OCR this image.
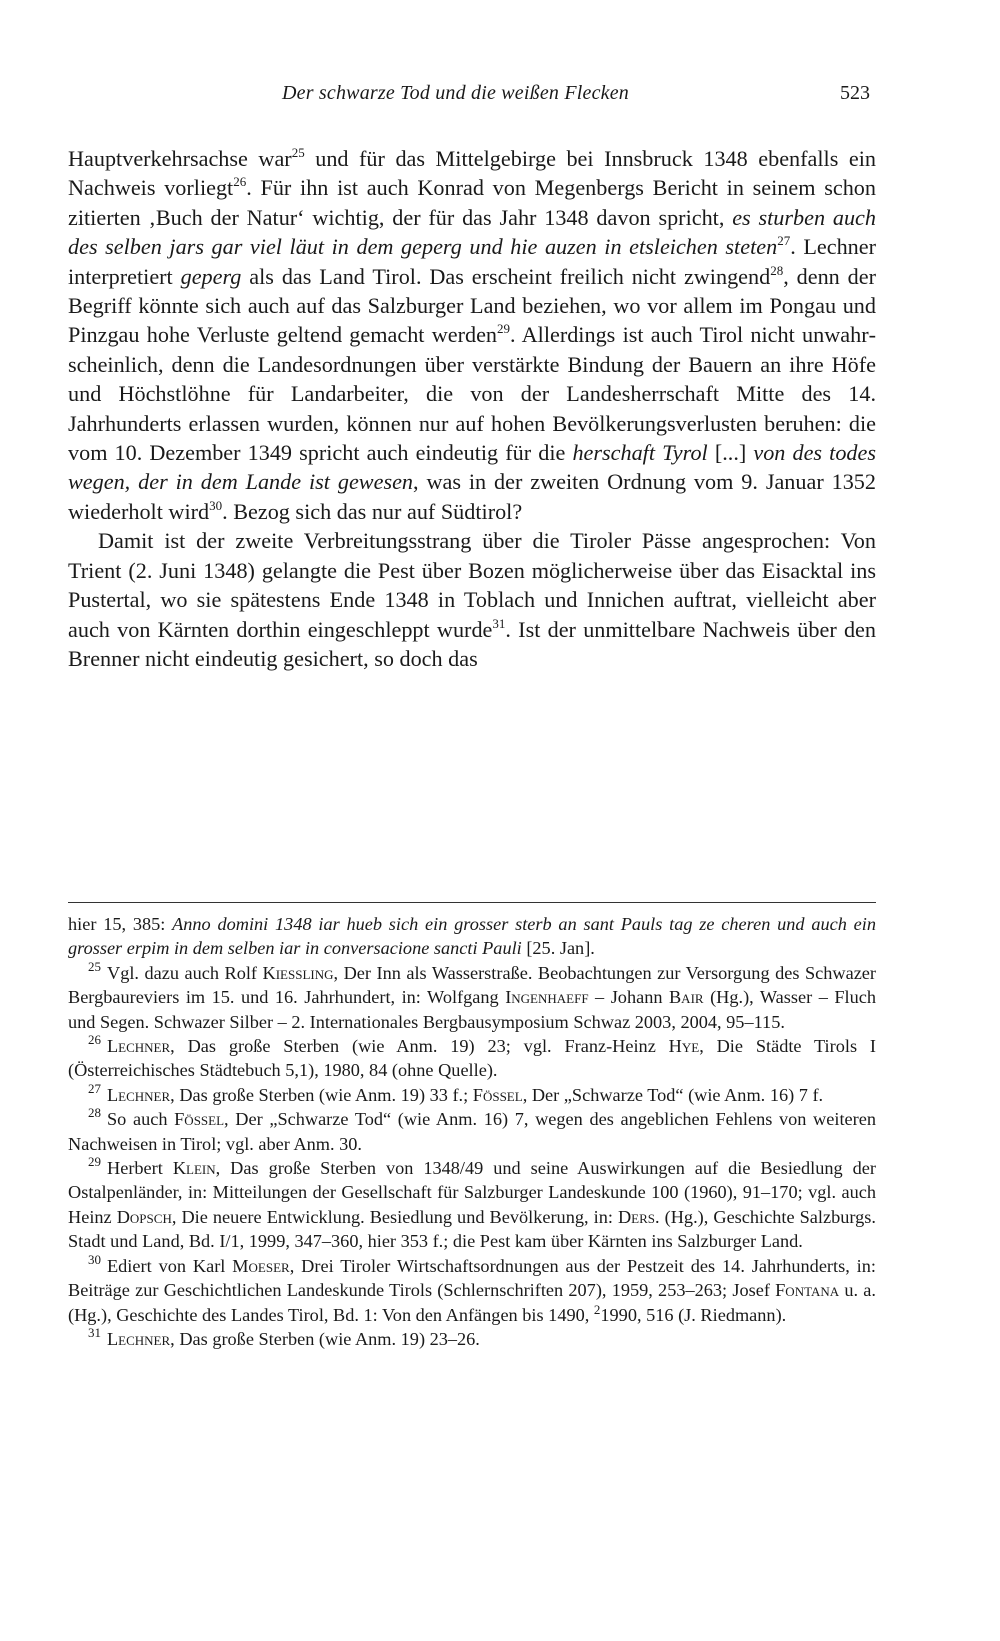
Der schwarze Tod und die weißen Flecken	523

Hauptverkehrsachse war$^{25}$ und für das Mittelgebirge bei Innsbruck 1348 ebenfalls ein Nachweis vorliegt$^{26}$. Für ihn ist auch Konrad von Megenbergs Bericht in seinem schon zitierten ‚Buch der Natur‘ wichtig, der für das Jahr 1348 davon spricht, es sturben auch des selben jars gar viel läut in dem geperg und hie auzen in etsleichen steten$^{27}$. Lechner interpretiert geperg als das Land Tirol. Das erscheint freilich nicht zwingend$^{28}$, denn der Begriff könnte sich auch auf das Salzburger Land beziehen, wo vor allem im Pongau und Pinzgau hohe Verluste geltend gemacht werden$^{29}$. Allerdings ist auch Tirol nicht unwahrscheinlich, denn die Landesordnungen über verstärkte Bindung der Bauern an ihre Höfe und Höchstlöhne für Landarbeiter, die von der Landesherrschaft Mitte des 14. Jahrhunderts erlassen wurden, können nur auf hohen Bevölkerungsverlusten beruhen: die vom 10. Dezember 1349 spricht auch eindeutig für die herschaft Tyrol [...] von des todes wegen, der in dem Lande ist gewesen, was in der zweiten Ordnung vom 9. Januar 1352 wiederholt wird$^{30}$. Bezog sich das nur auf Südtirol?

Damit ist der zweite Verbreitungsstrang über die Tiroler Pässe angesprochen: Von Trient (2. Juni 1348) gelangte die Pest über Bozen möglicherweise über das Eisacktal ins Pustertal, wo sie spätestens Ende 1348 in Toblach und Innichen auftrat, vielleicht aber auch von Kärnten dorthin eingeschleppt wurde$^{31}$. Ist der unmittelbare Nachweis über den Brenner nicht eindeutig gesichert, so doch das

hier 15, 385: Anno domini 1348 iar hueb sich ein grosser sterb an sant Pauls tag ze cheren und auch ein grosser erpim in dem selben iar in conversacione sancti Pauli [25. Jan].

$^{25}$ Vgl. dazu auch Rolf Kiessling, Der Inn als Wasserstraße. Beobachtungen zur Versorgung des Schwazer Bergbaureviers im 15. und 16. Jahrhundert, in: Wolfgang Ingenhaeff – Johann Bair (Hg.), Wasser – Fluch und Segen. Schwazer Silber – 2. Internationales Bergbausymposium Schwaz 2003, 2004, 95–115.

$^{26}$ Lechner, Das große Sterben (wie Anm. 19) 23; vgl. Franz-Heinz Hye, Die Städte Tirols I (Österreichisches Städtebuch 5,1), 1980, 84 (ohne Quelle).

$^{27}$ Lechner, Das große Sterben (wie Anm. 19) 33 f.; Fössel, Der „Schwarze Tod“ (wie Anm. 16) 7 f.

$^{28}$ So auch Fössel, Der „Schwarze Tod“ (wie Anm. 16) 7, wegen des angeblichen Fehlens von weiteren Nachweisen in Tirol; vgl. aber Anm. 30.

$^{29}$ Herbert Klein, Das große Sterben von 1348/49 und seine Auswirkungen auf die Besiedlung der Ostalpenländer, in: Mitteilungen der Gesellschaft für Salzburger Landeskunde 100 (1960), 91–170; vgl. auch Heinz Dopsch, Die neuere Entwicklung. Besiedlung und Bevölkerung, in: Ders. (Hg.), Geschichte Salzburgs. Stadt und Land, Bd. I/1, 1999, 347–360, hier 353 f.; die Pest kam über Kärnten ins Salzburger Land.

$^{30}$ Ediert von Karl Moeser, Drei Tiroler Wirtschaftsordnungen aus der Pestzeit des 14. Jahrhunderts, in: Beiträge zur Geschichtlichen Landeskunde Tirols (Schlernschriften 207), 1959, 253–263; Josef Fontana u. a. (Hg.), Geschichte des Landes Tirol, Bd. 1: Von den Anfängen bis 1490, $^2$1990, 516 (J. Riedmann).

$^{31}$ Lechner, Das große Sterben (wie Anm. 19) 23–26.
